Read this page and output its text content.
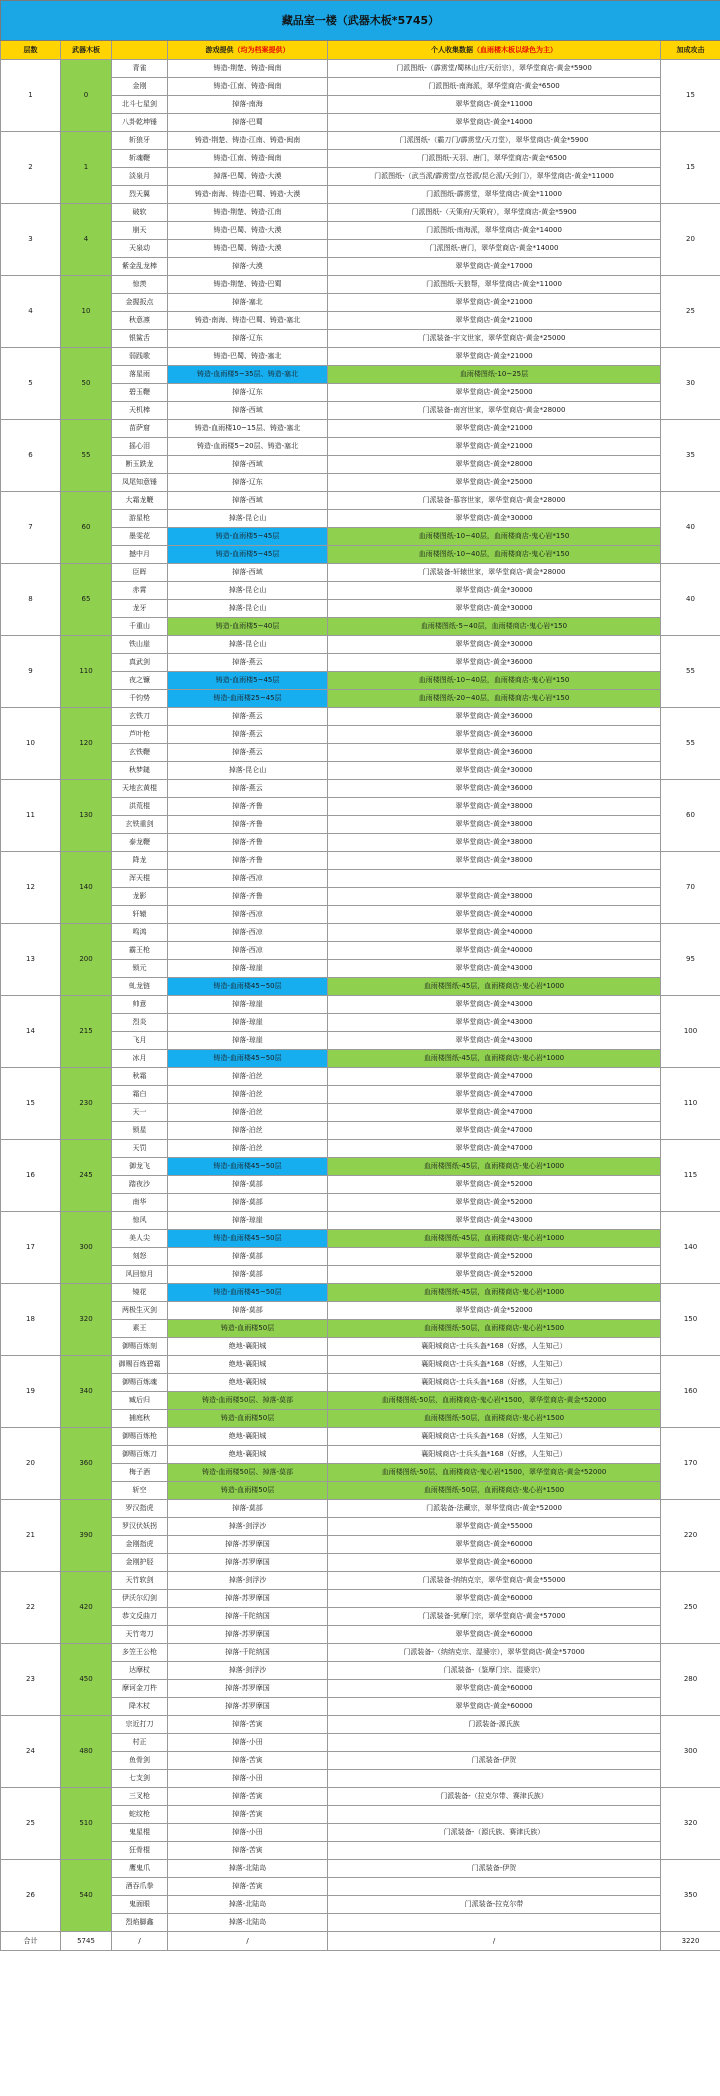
藏品室一楼（武器木板*5745）					
层数	武器木板		游戏提供（均为档案提供）	个人收集数据（血雨楼木板以绿色为主）	加成攻击
1	0	青雀	铸造-荆楚、铸造-闽南	门派图纸-（霹雳堂/蜀林山庄/天衍宗），翠华堂商店-黄金*5900	15
		金刚	铸造-江南、铸造-闽南	门派图纸-南海派，翠华堂商店-黄金*6500	
		北斗七星剑	掉落-南海	翠华堂商店-黄金*11000	
		八卦乾坤锤	掉落-巴蜀	翠华堂商店-黄金*14000	
2	1	斩狼牙	铸造-荆楚、铸造-江南、铸造-闽南	门派图纸-（霸刀门/霹雳堂/天刀堂），翠华堂商店-黄金*5900	15
		斩魂鞭	铸造-江南、铸造-闽南	门派图纸-天羽、唐门，翠华堂商店-黄金*6500	
		淡泉月	掉落-巴蜀、铸造-大漠	门派图纸-（武当派/霹雳堂/点苍派/昆仑派/天剑门），翠华堂商店-黄金*11000	
		烈天翼	铸造-南海、铸造-巴蜀、铸造-大漠	门派图纸-霹雳堂，翠华堂商店-黄金*11000	
3	4	破软	铸造-荆楚、铸造-江南	门派图纸-（天策府/天策府），翠华堂商店-黄金*5900	20
		崩天	铸造-巴蜀、铸造-大漠	门派图纸-南海派，翠华堂商店-黄金*14000	
		天泉动	铸造-巴蜀、铸造-大漠	门派图纸-唐门，翠华堂商店-黄金*14000	
		紫金乱龙棒	掉落-大漠	翠华堂商店-黄金*17000	
4	10	惊羡	铸造-荆楚、铸造-巴蜀	门派图纸-天狼帮，翠华堂商店-黄金*11000	25
		金握扳点	掉落-塞北	翠华堂商店-黄金*21000	
		秋意凛	铸造-南海、铸造-巴蜀、铸造-塞北	翠华堂商店-黄金*21000	
		银鲨舌	掉落-辽东	门派装备-宇文世家，翠华堂商店-黄金*25000	
5	50	弱践歌	铸造-巴蜀、铸造-塞北	翠华堂商店-黄金*21000	30
		落星雨	铸造-血雨楼5~35层、铸造-塞北	血雨楼图纸-10~25层	
		碧玉鞭	掉落-辽东	翠华堂商店-黄金*25000	
		天机棒	掉落-西域	门派装备-南宫世家，翠华堂商店-黄金*28000	
6	55	苗萨窟	铸造-血雨楼10~15层、铸造-塞北	翠华堂商店-黄金*21000	35
		摇心泪	铸造-血雨楼5~20层、铸造-塞北	翠华堂商店-黄金*21000	
		断玉跌龙	掉落-西域	翠华堂商店-黄金*28000	
		凤尾知意锤	掉落-辽东	翠华堂商店-黄金*25000	
7	60	大霜龙鞭	掉落-西域	门派装备-慕容世家，翠华堂商店-黄金*28000	40
		游星枪	掉落-昆仑山	翠华堂商店-黄金*30000	
		墨雯花	铸造-血雨楼5~45层	血雨楼图纸-10~40层，血雨楼商店-鬼心岩*150	
		撼中月	铸造-血雨楼5~45层	血雨楼图纸-10~40层，血雨楼商店-鬼心岩*150	
8	65	臣晖	掉落-西域	门派装备-轩辕世家，翠华堂商店-黄金*28000	40
		赤霄	掉落-昆仑山	翠华堂商店-黄金*30000	
		龙牙	掉落-昆仑山	翠华堂商店-黄金*30000	
		千重山	铸造-血雨楼5~40层	血雨楼图纸-5~40层，血雨楼商店-鬼心岩*150	
9	110	铁山崖	掉落-昆仑山	翠华堂商店-黄金*30000	55
		真武剑	掉落-燕云	翠华堂商店-黄金*36000	
		夜之镰	铸造-血雨楼5~45层	血雨楼图纸-10~40层，血雨楼商店-鬼心岩*150	
		千钧势	铸造-血雨楼25~45层	血雨楼图纸-20~40层，血雨楼商店-鬼心岩*150	
10	120	玄铁刀	掉落-燕云	翠华堂商店-黄金*36000	55
		芦叶枪	掉落-燕云	翠华堂商店-黄金*36000	
		玄铁鞭	掉落-燕云	翠华堂商店-黄金*36000	
		秋梦鎚	掉落-昆仑山	翠华堂商店-黄金*30000	
11	130	天地玄黄棍	掉落-燕云	翠华堂商店-黄金*36000	60
		洪荒棍	掉落-齐鲁	翠华堂商店-黄金*38000	
		玄铁重剑	掉落-齐鲁	翠华堂商店-黄金*38000	
		泰龙鞭	掉落-齐鲁	翠华堂商店-黄金*38000	
12	140	降龙	掉落-齐鲁	翠华堂商店-黄金*38000	70
		浑天棍	掉落-西凉		
		龙影	掉落-齐鲁	翠华堂商店-黄金*38000	
		轩辕	掉落-西凉	翠华堂商店-黄金*40000	
13	200	鸣鸿	掉落-西凉	翠华堂商店-黄金*40000	95
		霸王枪	掉落-西凉	翠华堂商店-黄金*40000	
		锁元	掉落-琼崖	翠华堂商店-黄金*43000	
		虬龙链	铸造-血雨楼45~50层	血雨楼图纸-45层，血雨楼商店-鬼心岩*1000	
14	215	帅意	掉落-琼崖	翠华堂商店-黄金*43000	100
		烈炎	掉落-琼崖	翠华堂商店-黄金*43000	
		飞月	掉落-琼崖	翠华堂商店-黄金*43000	
		冰月	铸造-血雨楼45~50层	血雨楼图纸-45层，血雨楼商店-鬼心岩*1000	
15	230	秋霜	掉落-泊丝	翠华堂商店-黄金*47000	110
		霜白	掉落-泊丝	翠华堂商店-黄金*47000	
		天一	掉落-泊丝	翠华堂商店-黄金*47000	
		锁星	掉落-泊丝	翠华堂商店-黄金*47000	
16	245	天罚	掉落-泊丝	翠华堂商店-黄金*47000	115
		御龙飞	铸造-血雨楼45~50层	血雨楼图纸-45层，血雨楼商店-鬼心岩*1000	
		踏夜沙	掉落-莫部	翠华堂商店-黄金*52000	
		南华	掉落-莫部	翠华堂商店-黄金*52000	
17	300	惊风	掉落-琼崖	翠华堂商店-黄金*43000	140
		美人尖	铸造-血雨楼45~50层	血雨楼图纸-45层，血雨楼商店-鬼心岩*1000	
		刻怒	掉落-莫部	翠华堂商店-黄金*52000	
		风回惊月	掉落-莫部	翠华堂商店-黄金*52000	
18	320	镜花	铸造-血雨楼45~50层	血雨楼图纸-45层，血雨楼商店-鬼心岩*1000	150
		两极生灭剑	掉落-莫部	翠华堂商店-黄金*52000	
		素王	铸造-血雨楼50层	血雨楼图纸-50层，血雨楼商店-鬼心岩*1500	
		御赐百炼刻	绝地-襄阳城	襄阳城商店-士兵头盔*168（好感，人生知己）	
19	340	御赐百炼碧霜	绝地-襄阳城	襄阳城商店-士兵头盔*168（好感，人生知己）	160
		御赐百炼魂	绝地-襄阳城	襄阳城商店-士兵头盔*168（好感，人生知己）	
		臧后归	铸造-血雨楼50层、掉落-莫部	血雨楼图纸-50层，血雨楼商店-鬼心岩*1500，翠华堂商店-黄金*52000	
		捕庭秋	铸造-血雨楼50层	血雨楼图纸-50层，血雨楼商店-鬼心岩*1500	
20	360	御赐百炼枪	绝地-襄阳城	襄阳城商店-士兵头盔*168（好感，人生知己）	170
		御赐百炼刀	绝地-襄阳城	襄阳城商店-士兵头盔*168（好感，人生知己）	
		梅子酒	铸造-血雨楼50层、掉落-莫部	血雨楼图纸-50层，血雨楼商店-鬼心岩*1500，翠华堂商店-黄金*52000	
		斩空	铸造-血雨楼50层	血雨楼图纸-50层，血雨楼商店-鬼心岩*1500	
21	390	罗汉指虎	掉落-莫部	门派装备-法藏宗，翠华堂商店-黄金*52000	220
		罗汉伏妖拐	掉落-剑浮沙	翠华堂商店-黄金*55000	
		金刚指虎	掉落-苏罗摩国	翠华堂商店-黄金*60000	
		金刚护胫	掉落-苏罗摩国	翠华堂商店-黄金*60000	
22	420	天竹软剑	掉落-剑浮沙	门派装备-纳纳克宗，翠华堂商店-黄金*55000	250
		伊沃尔幻剑	掉落-苏罗摩国	翠华堂商店-黄金*60000	
		恭文反曲刀	掉落-千陀纳国	门派装备-犹摩门宗，翠华堂商店-黄金*57000	
		天竹弯刀	掉落-苏罗摩国	翠华堂商店-黄金*60000	
23	450	多笠王公枪	掉落-千陀纳国	门派装备-（纳纳克宗、湿婆宗），翠华堂商店-黄金*57000	280
		达摩杖	掉落-剑浮沙	门派装备-（鉴摩门宗、湿婆宗）	
		摩诃金刀杵	掉落-苏罗摩国	翠华堂商店-黄金*60000	
		降木杖	掉落-苏罗摩国	翠华堂商店-黄金*60000	
24	480	宗近打刀	掉落-苦寅	门派装备-源氏族	300
		村正	掉落-小田		
		鱼骨剑	掉落-苦寅	门派装备-伊贺	
		七支剑	掉落-小田		
25	510	三叉枪	掉落-苦寅	门派装备-（拉克尔带、赛津氏族）	320
		蛇纹枪	掉落-苦寅		
		鬼星棍	掉落-小田	门派装备-（源氏族、赛津氏族）	
		狂骨棍	掉落-苦寅		
26	540	鹰鬼爪	掉落-北陆岛	门派装备-伊贺	350
		酒吞爪拳	掉落-苦寅		
		鬼面眼	掉落-北陆岛	门派装备-拉克尔带	
		烈焰脚鑫	掉落-北陆岛		
合计	5745	/	/	/	3220
